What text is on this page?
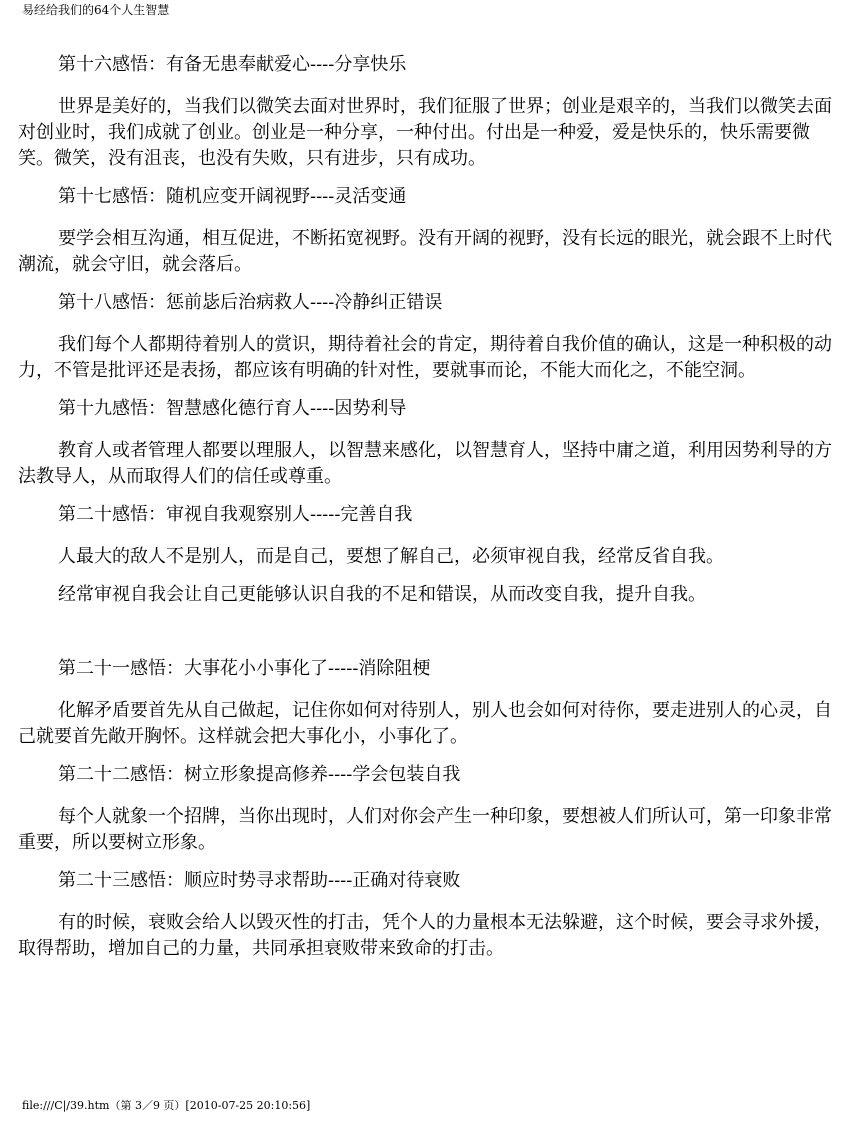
易经给我们的64个人生智慧

第十六感悟：有备无患奉献爱心----分享快乐

世界是美好的，当我们以微笑去面对世界时，我们征服了世界；创业是艰辛的，当我们以微笑去面对创业时，我们成就了创业。创业是一种分享，一种付出。付出是一种爱，爱是快乐的，快乐需要微笑。微笑，没有沮丧，也没有失败，只有进步，只有成功。

第十七感悟：随机应变开阔视野----灵活变通

要学会相互沟通，相互促进，不断拓宽视野。没有开阔的视野，没有长远的眼光，就会跟不上时代潮流，就会守旧，就会落后。

第十八感悟：惩前毖后治病救人----冷静纠正错误

我们每个人都期待着别人的赏识，期待着社会的肯定，期待着自我价值的确认，这是一种积极的动力，不管是批评还是表扬，都应该有明确的针对性，要就事而论，不能大而化之，不能空洞。

第十九感悟：智慧感化德行育人----因势利导

教育人或者管理人都要以理服人，以智慧来感化，以智慧育人，坚持中庸之道，利用因势利导的方法教导人，从而取得人们的信任或尊重。

第二十感悟：审视自我观察别人-----完善自我

人最大的敌人不是别人，而是自己，要想了解自己，必须审视自我，经常反省自我。

经常审视自我会让自己更能够认识自我的不足和错误，从而改变自我，提升自我。

第二十一感悟：大事花小小事化了-----消除阻梗

化解矛盾要首先从自己做起，记住你如何对待别人，别人也会如何对待你，要走进别人的心灵，自己就要首先敞开胸怀。这样就会把大事化小，小事化了。

第二十二感悟：树立形象提高修养----学会包装自我

每个人就象一个招牌，当你出现时，人们对你会产生一种印象，要想被人们所认可，第一印象非常重要，所以要树立形象。

第二十三感悟：顺应时势寻求帮助----正确对待衰败

有的时候，衰败会给人以毁灭性的打击，凭个人的力量根本无法躲避，这个时候，要会寻求外援，取得帮助，增加自己的力量，共同承担衰败带来致命的打击。

file:///C|/39.htm（第 3／9 页）[2010-07-25 20:10:56]
